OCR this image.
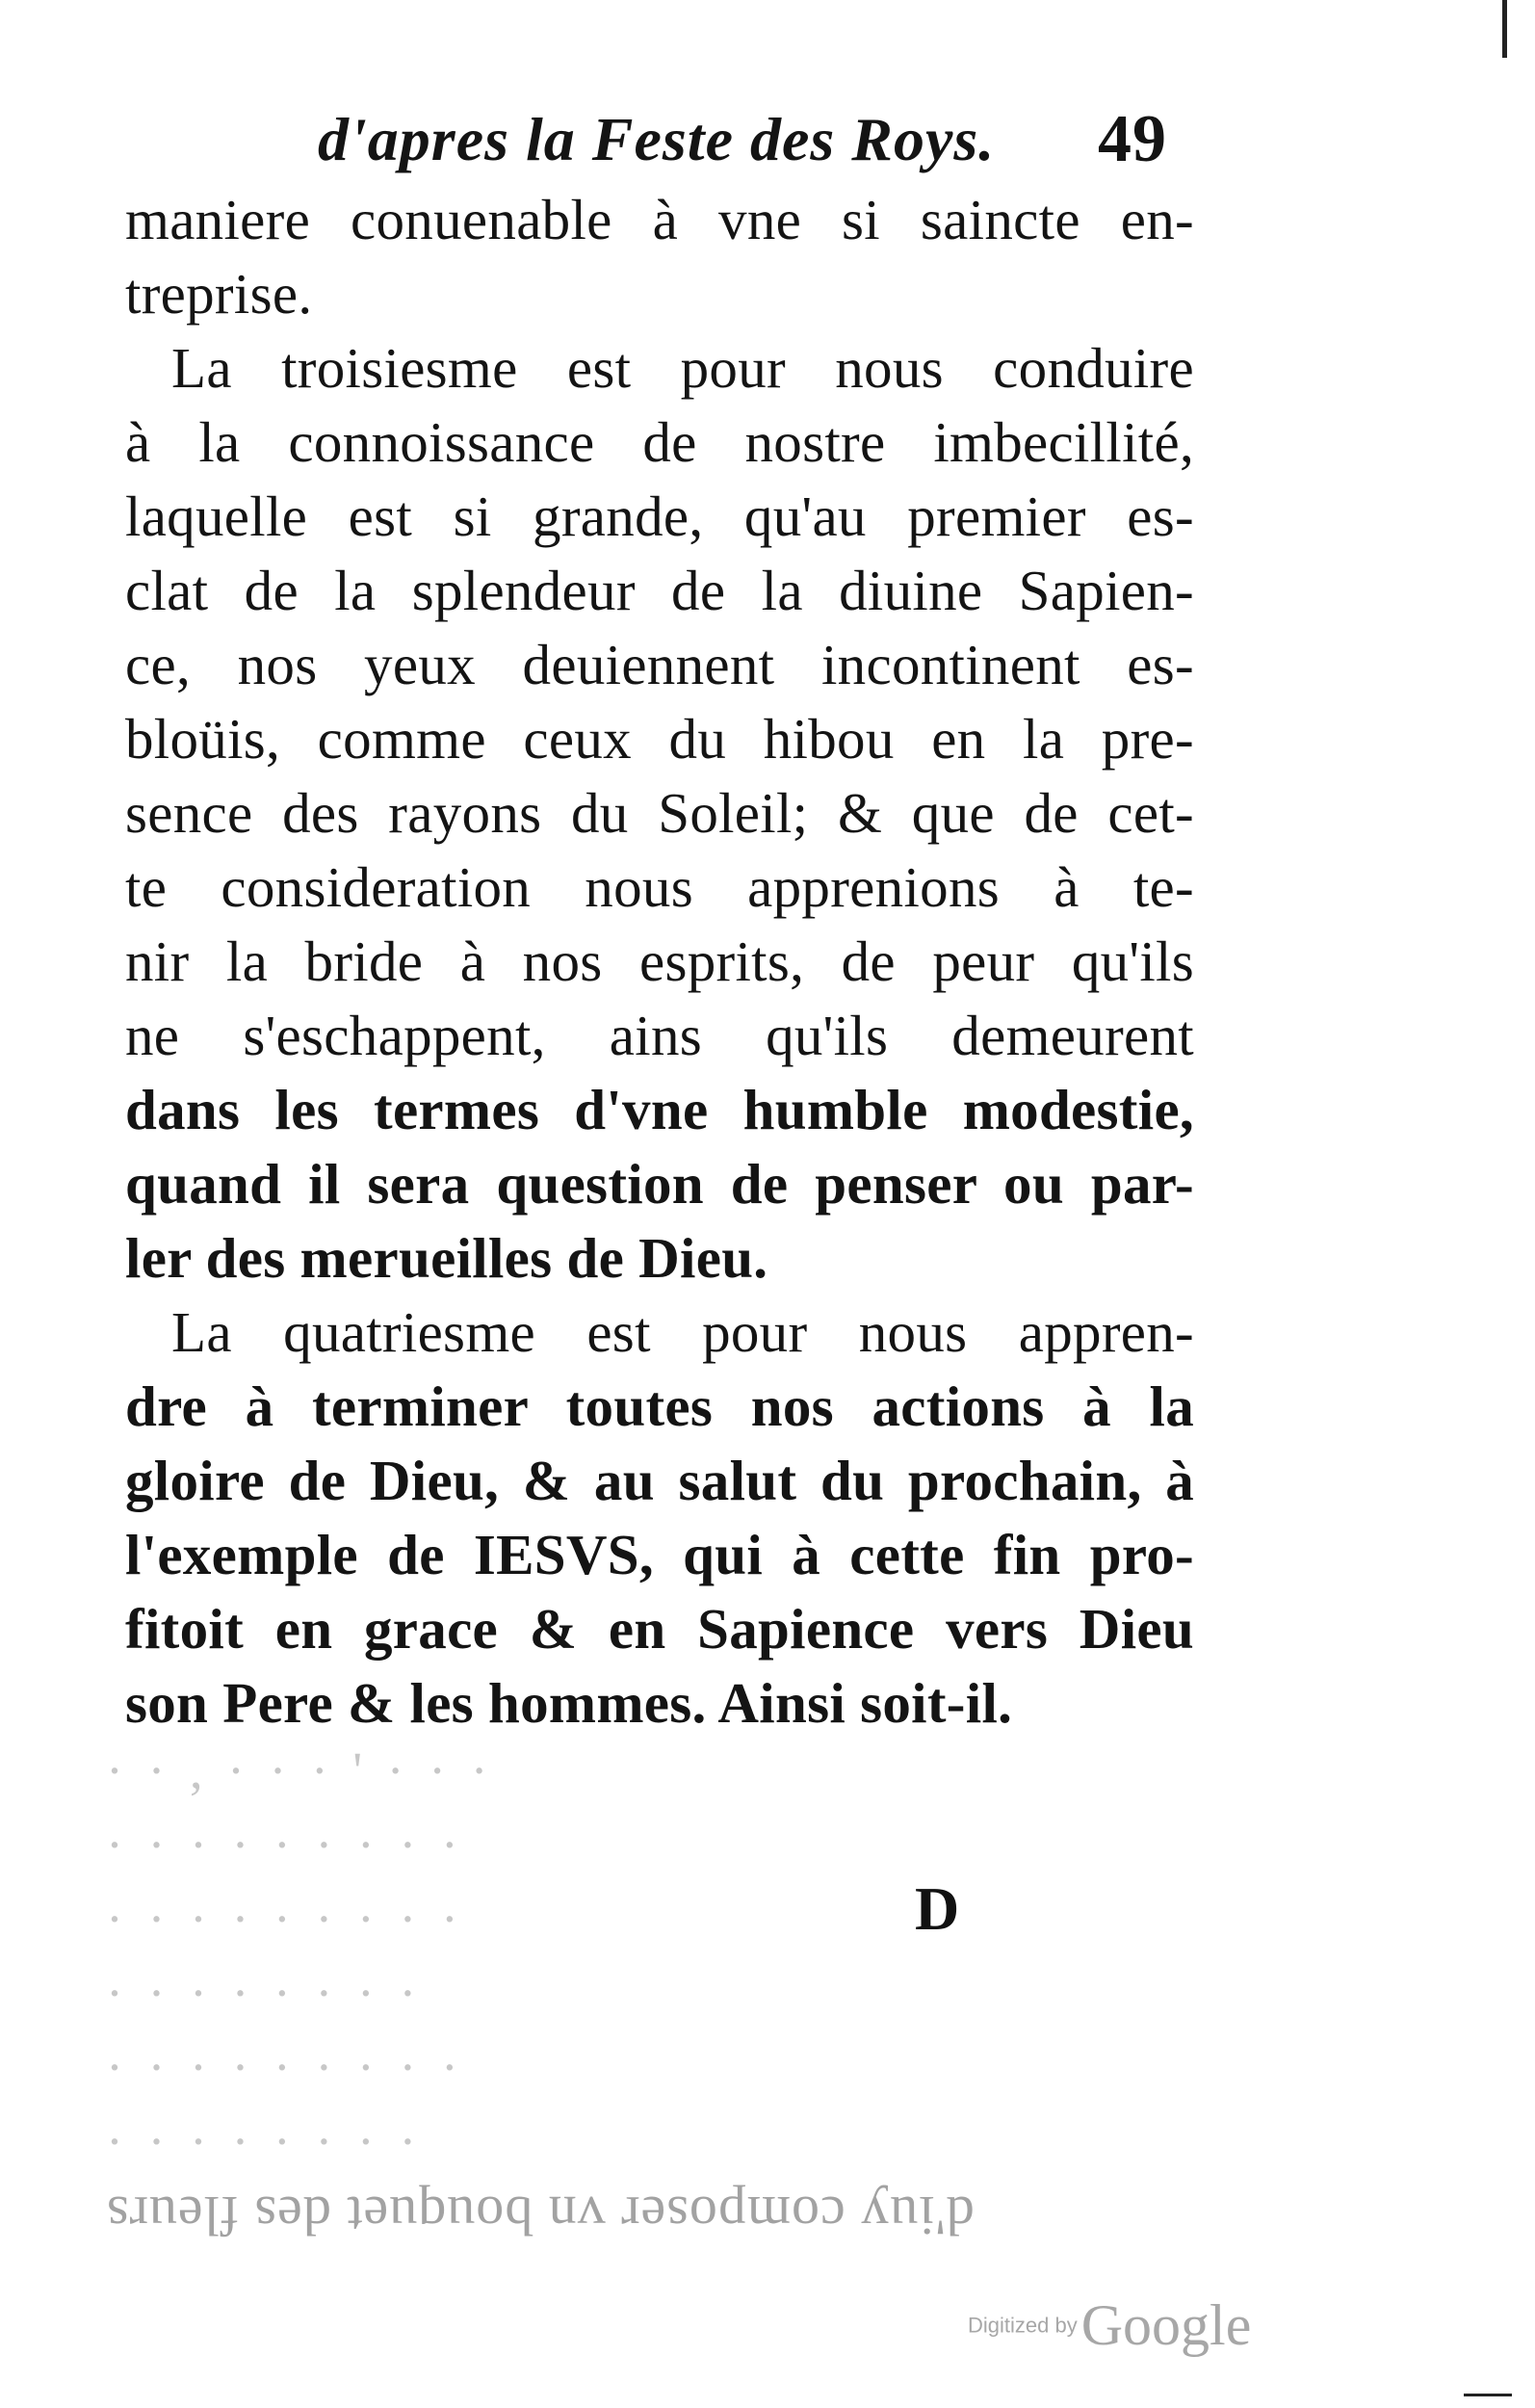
d'apres la Feste des Roys. 49
maniere conuenable à vne si saincte en-
treprise.
La troisiesme est pour nous conduire
à la connoissance de nostre imbecillité,
laquelle est si grande, qu'au premier es-
clat de la splendeur de la diuine Sapien-
ce, nos yeux deuiennent incontinent es-
bloüis, comme ceux du hibou en la pre-
sence des rayons du Soleil; & que de cet-
te consideration nous apprenions à te-
nir la bride à nos esprits, de peur qu'ils
ne s'eschappent, ains qu'ils demeurent
dans les termes d'vne humble modestie,
quand il sera question de penser ou par-
ler des merueilles de Dieu.
La quatriesme est pour nous appren-
dre à terminer toutes nos actions à la
gloire de Dieu, & au salut du prochain, à
l'exemple de IESVS, qui à cette fin pro-
fitoit en grace & en Sapience vers Dieu
son Pere & les hommes. Ainsi soit-il.
D
· · , · · · ' · · ·
· · · · · · · · ·
· · · · · · · · ·
· · · · · · · ·
· · · · · · · · ·
· · · · · · · ·
d'iuy composer vn bouquet des fleurs
Digitized by Google
